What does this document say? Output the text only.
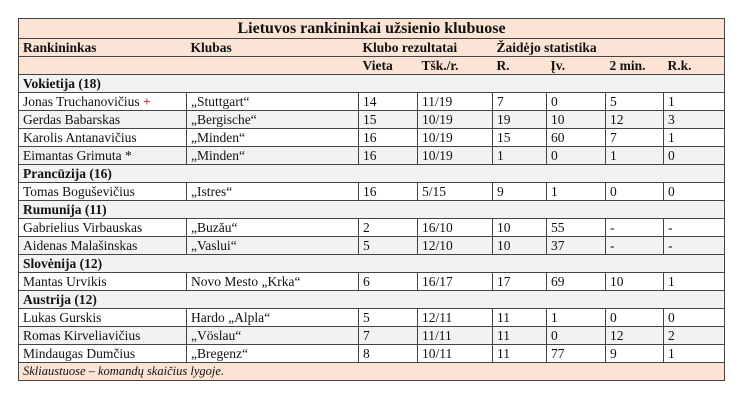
Lietuvos rankininkai užsienio klubuose							
Rankininkas	Klubas	Klubo rezultatai		Žaidėjo statistika			
		Vieta	Tšk./r.	R.	Įv.	2 min.	R.k.
Vokietija (18)							
Jonas Truchanovičius +	„Stuttgart“	14	11/19	7	0	5	1
Gerdas Babarskas	„Bergische“	15	10/19	19	10	12	3
Karolis Antanavičius	„Minden“	16	10/19	15	60	7	1
Eimantas Grimuta *	„Minden“	16	10/19	1	0	1	0
Prancūzija (16)							
Tomas Boguševičius	„Istres“	16	5/15	9	1	0	0
Rumunija (11)							
Gabrielius Virbauskas	„Buzău“	2	16/10	10	55	-	-
Aidenas Malašinskas	„Vaslui“	5	12/10	10	37	-	-
Slovėnija (12)							
Mantas Urvikis	Novo Mesto „Krka“	6	16/17	17	69	10	1
Austrija (12)							
Lukas Gurskis	Hardo „Alpla“	5	12/11	11	1	0	0
Romas Kirveliavičius	„Vöslau“	7	11/11	11	0	12	2
Mindaugas Dumčius	„Bregenz“	8	10/11	11	77	9	1
Skliaustuose – komandų skaičius lygoje.							
